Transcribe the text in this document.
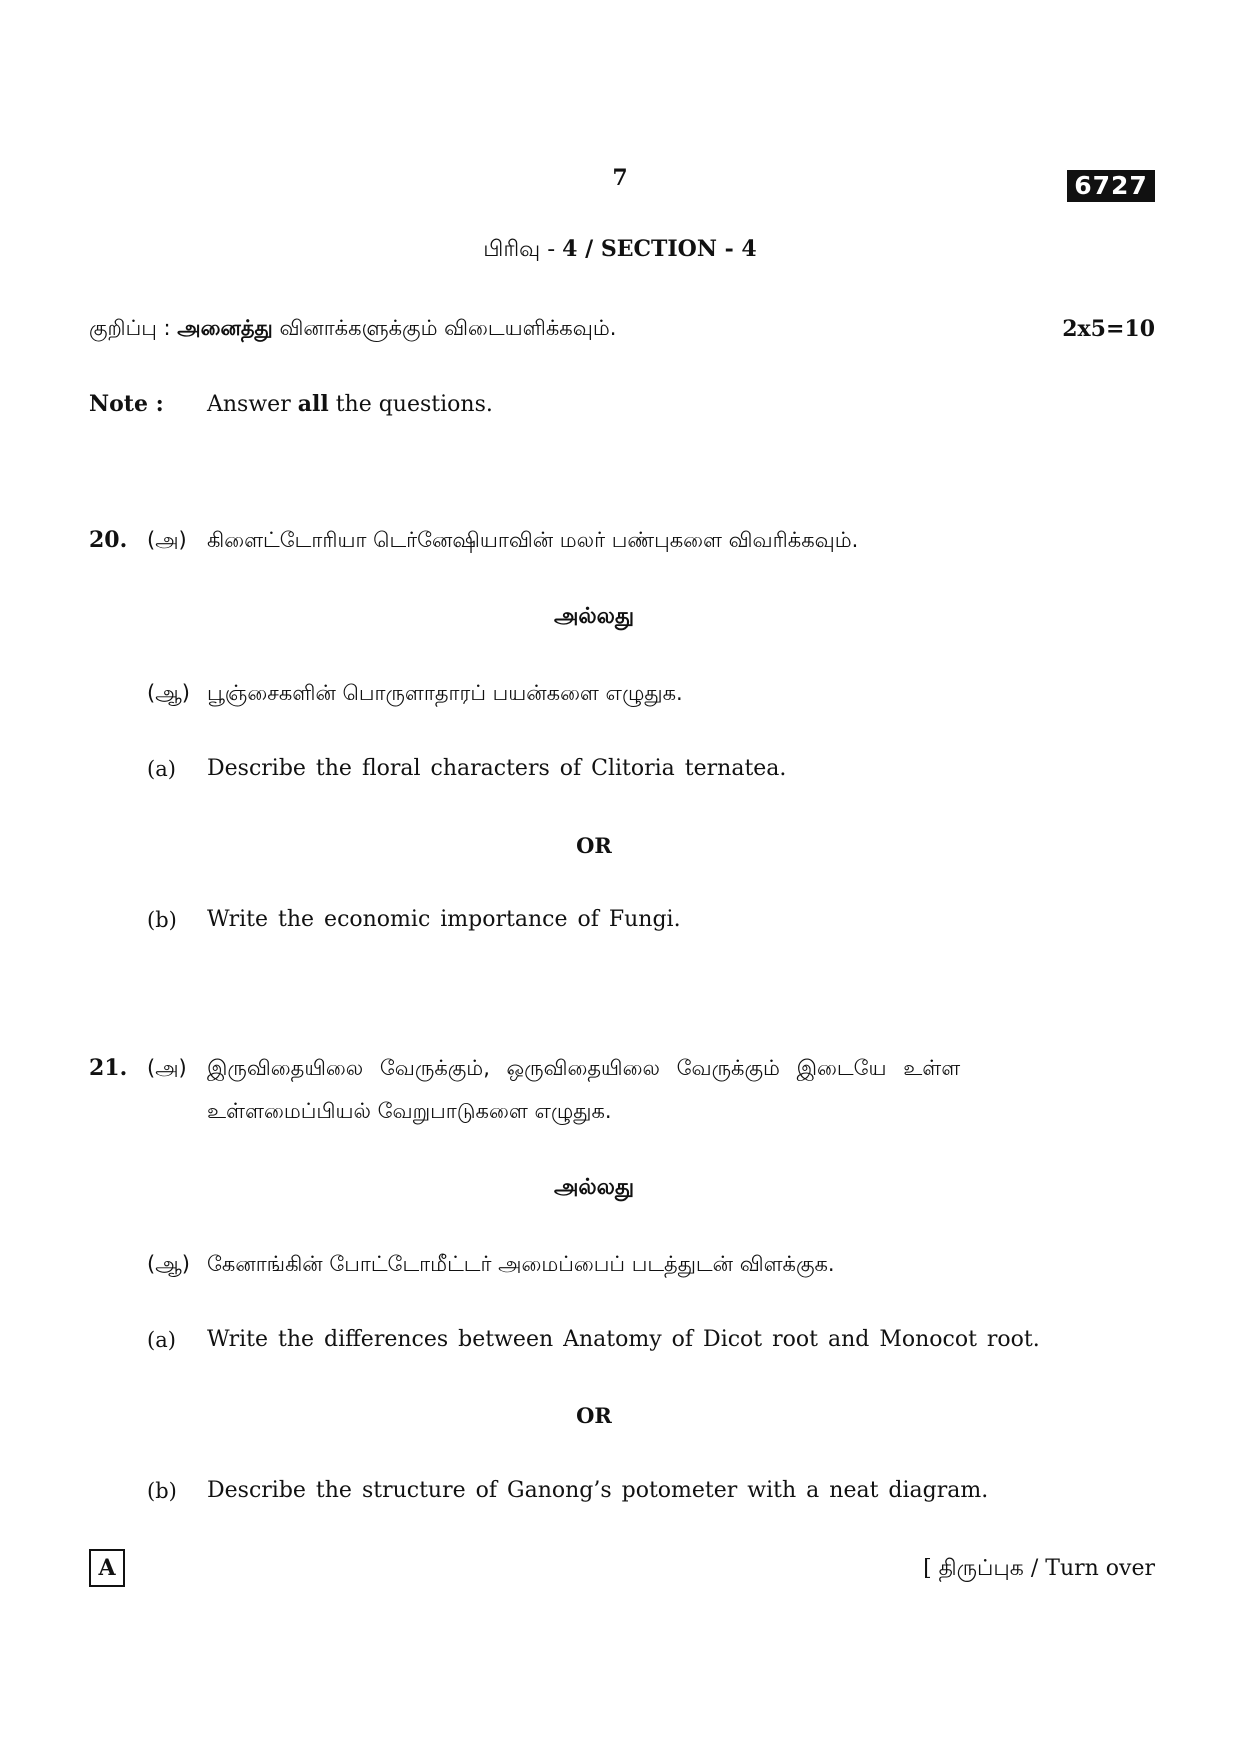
7	6727
பிரிவு - 4 / SECTION - 4
குறிப்பு : அனைத்து வினாக்களுக்கும் விடையளிக்கவும்.	2x5=10
Note : Answer all the questions.
20. (அ) கிளைட்டோரியா டெர்னேஷியாவின் மலர் பண்புகளை விவரிக்கவும்.
அல்லது
(ஆ) பூஞ்சைகளின் பொருளாதாரப் பயன்களை எழுதுக.
(a) Describe the floral characters of Clitoria ternatea.
OR
(b) Write the economic importance of Fungi.
21. (அ) இருவிதையிலை வேருக்கும், ஒருவிதையிலை வேருக்கும் இடையே உள்ள
உள்ளமைப்பியல் வேறுபாடுகளை எழுதுக.
அல்லது
(ஆ) கேனாங்கின் போட்டோமீட்டர் அமைப்பைப் படத்துடன் விளக்குக.
(a) Write the differences between Anatomy of Dicot root and Monocot root.
OR
(b) Describe the structure of Ganong’s potometer with a neat diagram.
A	[ திருப்புக / Turn over
